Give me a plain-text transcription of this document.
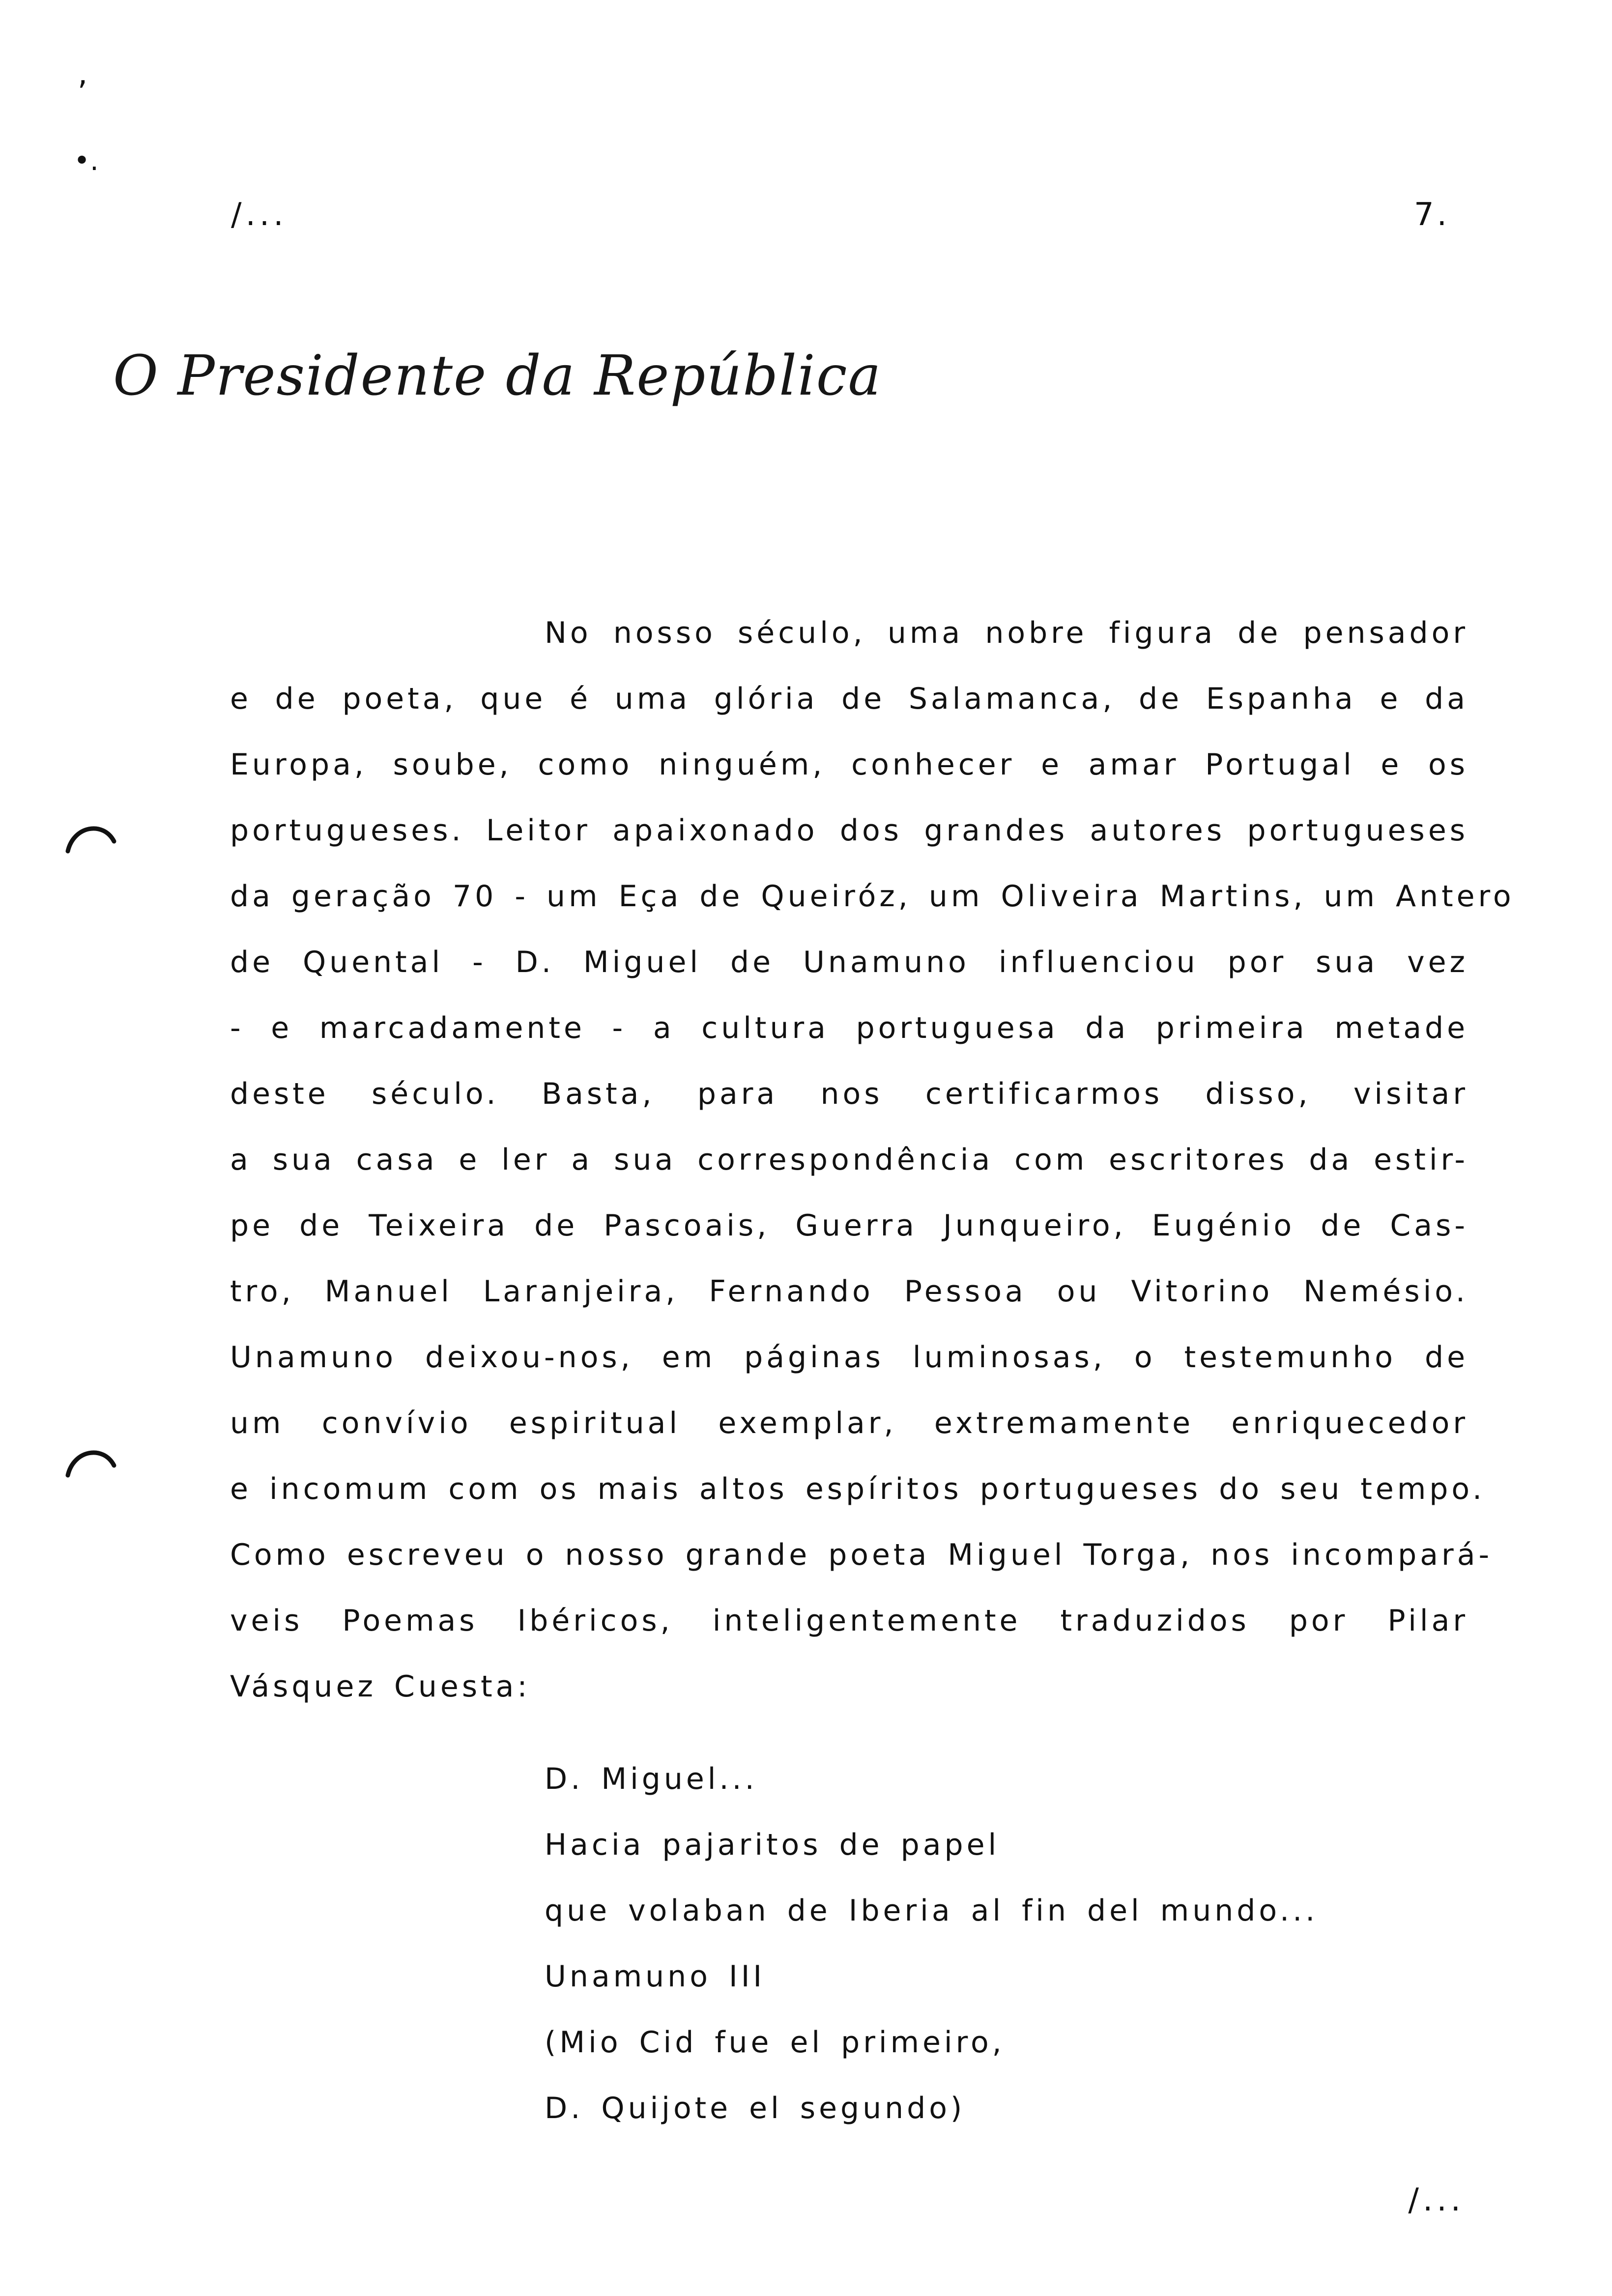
,
•.
/...	7.
O Presidente da República
No nosso século, uma nobre figura de pensador
e de poeta, que é uma glória de Salamanca, de Espanha e da
Europa, soube, como ninguém, conhecer e amar Portugal e os
portugueses. Leitor apaixonado dos grandes autores portugueses
da geração 70 - um Eça de Queiróz, um Oliveira Martins, um Antero
de Quental - D. Miguel de Unamuno influenciou por sua vez
- e marcadamente - a cultura portuguesa da primeira metade
deste século. Basta, para nos certificarmos disso, visitar
a sua casa e ler a sua correspondência com escritores da estir-
pe de Teixeira de Pascoais, Guerra Junqueiro, Eugénio de Cas-
tro, Manuel Laranjeira, Fernando Pessoa ou Vitorino Nemésio.
Unamuno deixou-nos, em páginas luminosas, o testemunho de
um convívio espiritual exemplar, extremamente enriquecedor
e incomum com os mais altos espíritos portugueses do seu tempo.
Como escreveu o nosso grande poeta Miguel Torga, nos incompará-
veis Poemas Ibéricos, inteligentemente traduzidos por Pilar
Vásquez Cuesta:
D. Miguel...
Hacia pajaritos de papel
que volaban de Iberia al fin del mundo...
Unamuno III
(Mio Cid fue el primeiro,
D. Quijote el segundo)
/...
